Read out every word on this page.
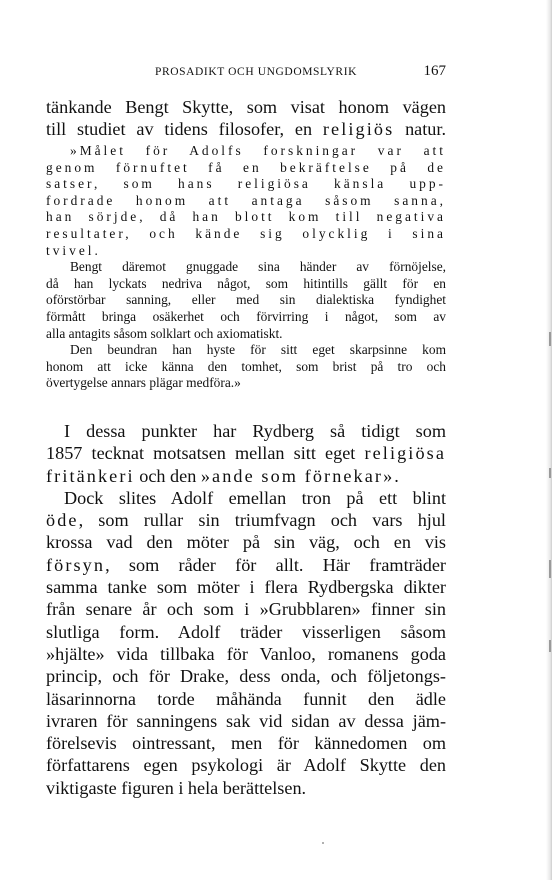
PROSADIKT OCH UNGDOMSLYRIK	167
tänkande Bengt Skytte, som visat honom vägen
till studiet av tidens filosofer, en religiös natur.
»Målet för Adolfs forskningar var att
genom förnuftet få en bekräftelse på de
satser, som hans religiösa känsla upp-
fordrade honom att antaga såsom sanna,
han sörjde, då han blott kom till negativa
resultater, och kände sig olycklig i sina
tvivel.
Bengt däremot gnuggade sina händer av förnöjelse,
då han lyckats nedriva något, som hitintills gällt för en
oförstörbar sanning, eller med sin dialektiska fyndighet
förmått bringa osäkerhet och förvirring i något, som av
alla antagits såsom solklart och axiomatiskt.
Den beundran han hyste för sitt eget skarpsinne kom
honom att icke känna den tomhet, som brist på tro och
övertygelse annars plägar medföra.»
I dessa punkter har Rydberg så tidigt som
1857 tecknat motsatsen mellan sitt eget religiösa
fritänkeri och den »ande som förnekar».
Dock slites Adolf emellan tron på ett blint
öde, som rullar sin triumfvagn och vars hjul
krossa vad den möter på sin väg, och en vis
försyn, som råder för allt. Här framträder
samma tanke som möter i flera Rydbergska dikter
från senare år och som i »Grubblaren» finner sin
slutliga form. Adolf träder visserligen såsom
»hjälte» vida tillbaka för Vanloo, romanens goda
princip, och för Drake, dess onda, och följetongs-
läsarinnorna torde måhända funnit den ädle
ivraren för sanningens sak vid sidan av dessa jäm-
förelsevis ointressant, men för kännedomen om
författarens egen psykologi är Adolf Skytte den
viktigaste figuren i hela berättelsen.
